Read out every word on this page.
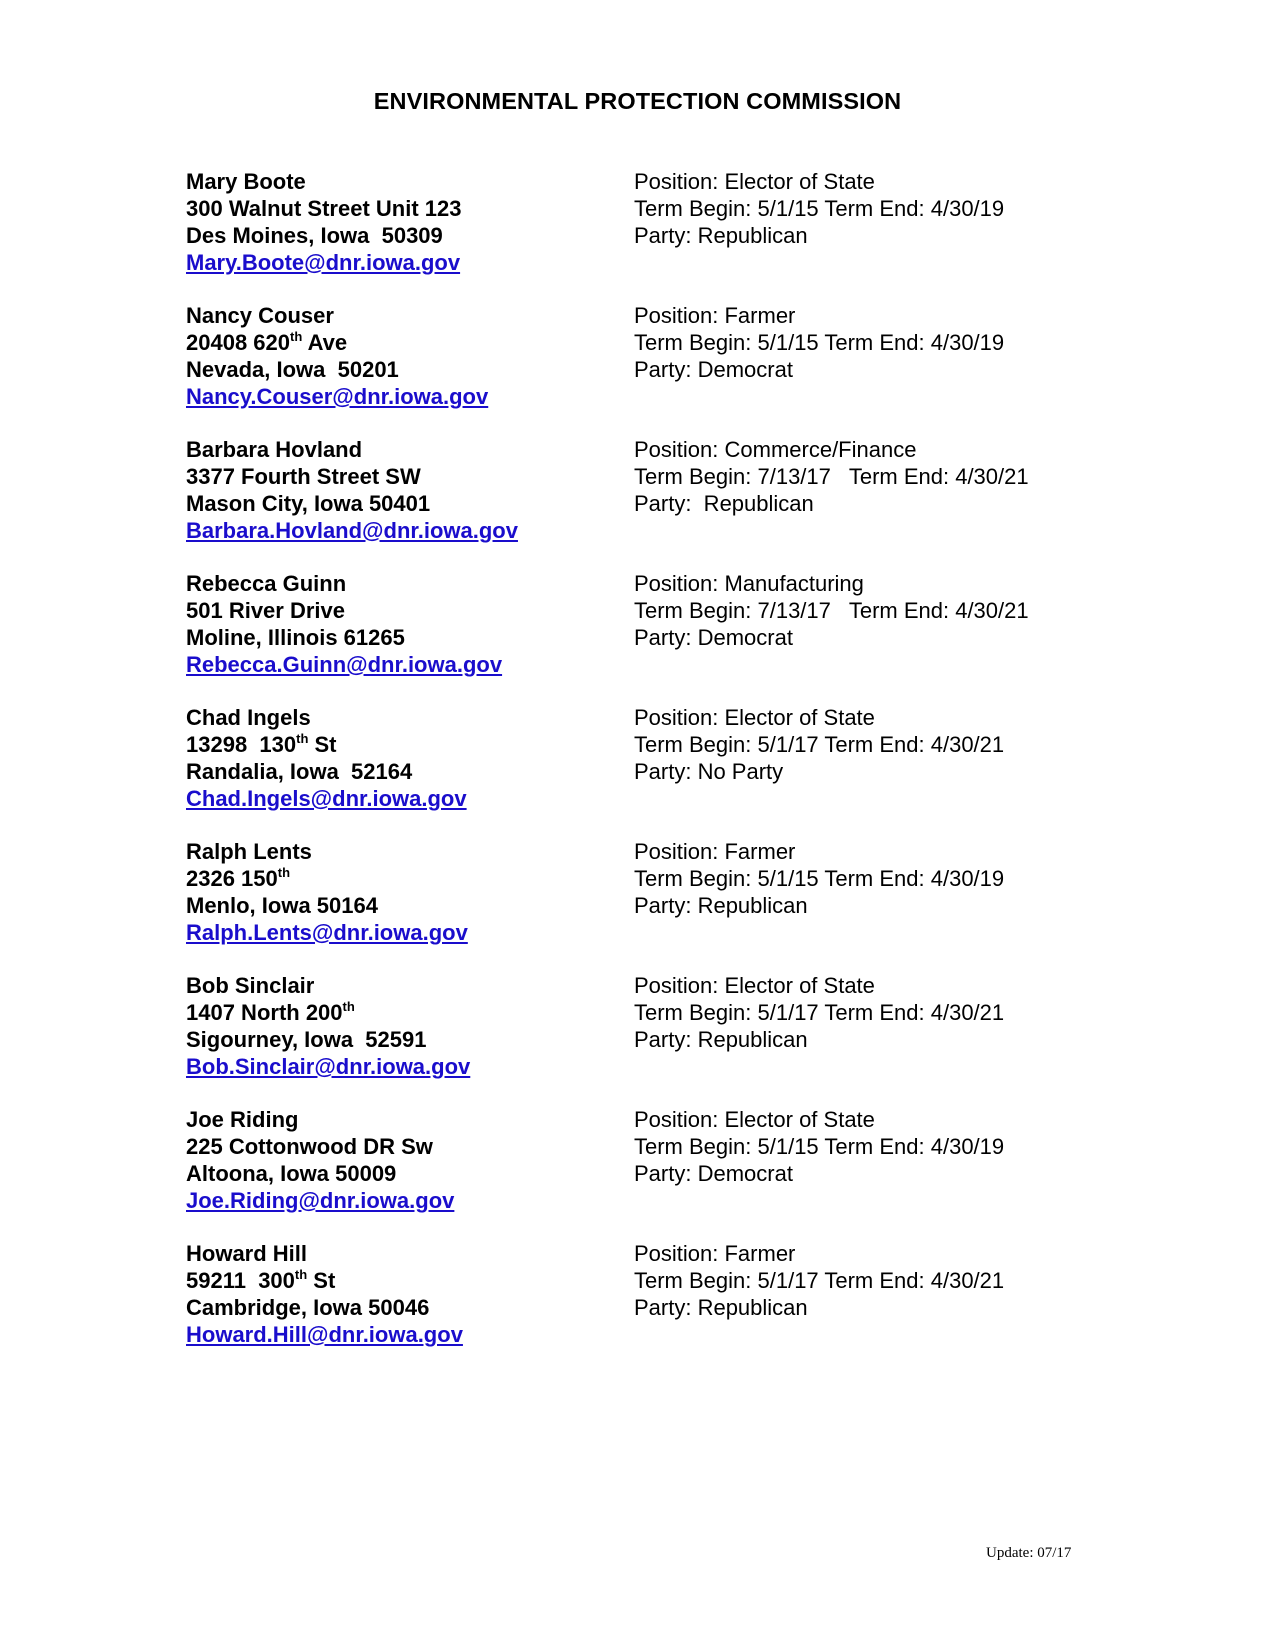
ENVIRONMENTAL PROTECTION COMMISSION
Mary Boote
300 Walnut Street Unit 123
Des Moines, Iowa  50309
Mary.Boote@dnr.iowa.gov
Position: Elector of State
Term Begin: 5/1/15 Term End: 4/30/19
Party: Republican
Nancy Couser
20408 620th Ave
Nevada, Iowa  50201
Nancy.Couser@dnr.iowa.gov
Position: Farmer
Term Begin: 5/1/15 Term End: 4/30/19
Party: Democrat
Barbara Hovland
3377 Fourth Street SW
Mason City, Iowa 50401
Barbara.Hovland@dnr.iowa.gov
Position: Commerce/Finance
Term Begin: 7/13/17   Term End: 4/30/21
Party:  Republican
Rebecca Guinn
501 River Drive
Moline, Illinois 61265
Rebecca.Guinn@dnr.iowa.gov
Position: Manufacturing
Term Begin: 7/13/17   Term End: 4/30/21
Party: Democrat
Chad Ingels
13298  130th St
Randalia, Iowa  52164
Chad.Ingels@dnr.iowa.gov
Position: Elector of State
Term Begin: 5/1/17 Term End: 4/30/21
Party: No Party
Ralph Lents
2326 150th
Menlo, Iowa 50164
Ralph.Lents@dnr.iowa.gov
Position: Farmer
Term Begin: 5/1/15 Term End: 4/30/19
Party: Republican
Bob Sinclair
1407 North 200th
Sigourney, Iowa  52591
Bob.Sinclair@dnr.iowa.gov
Position: Elector of State
Term Begin: 5/1/17 Term End: 4/30/21
Party: Republican
Joe Riding
225 Cottonwood DR Sw
Altoona, Iowa 50009
Joe.Riding@dnr.iowa.gov
Position: Elector of State
Term Begin: 5/1/15 Term End: 4/30/19
Party: Democrat
Howard Hill
59211  300th St
Cambridge, Iowa 50046
Howard.Hill@dnr.iowa.gov
Position: Farmer
Term Begin: 5/1/17 Term End: 4/30/21
Party: Republican
Update: 07/17
